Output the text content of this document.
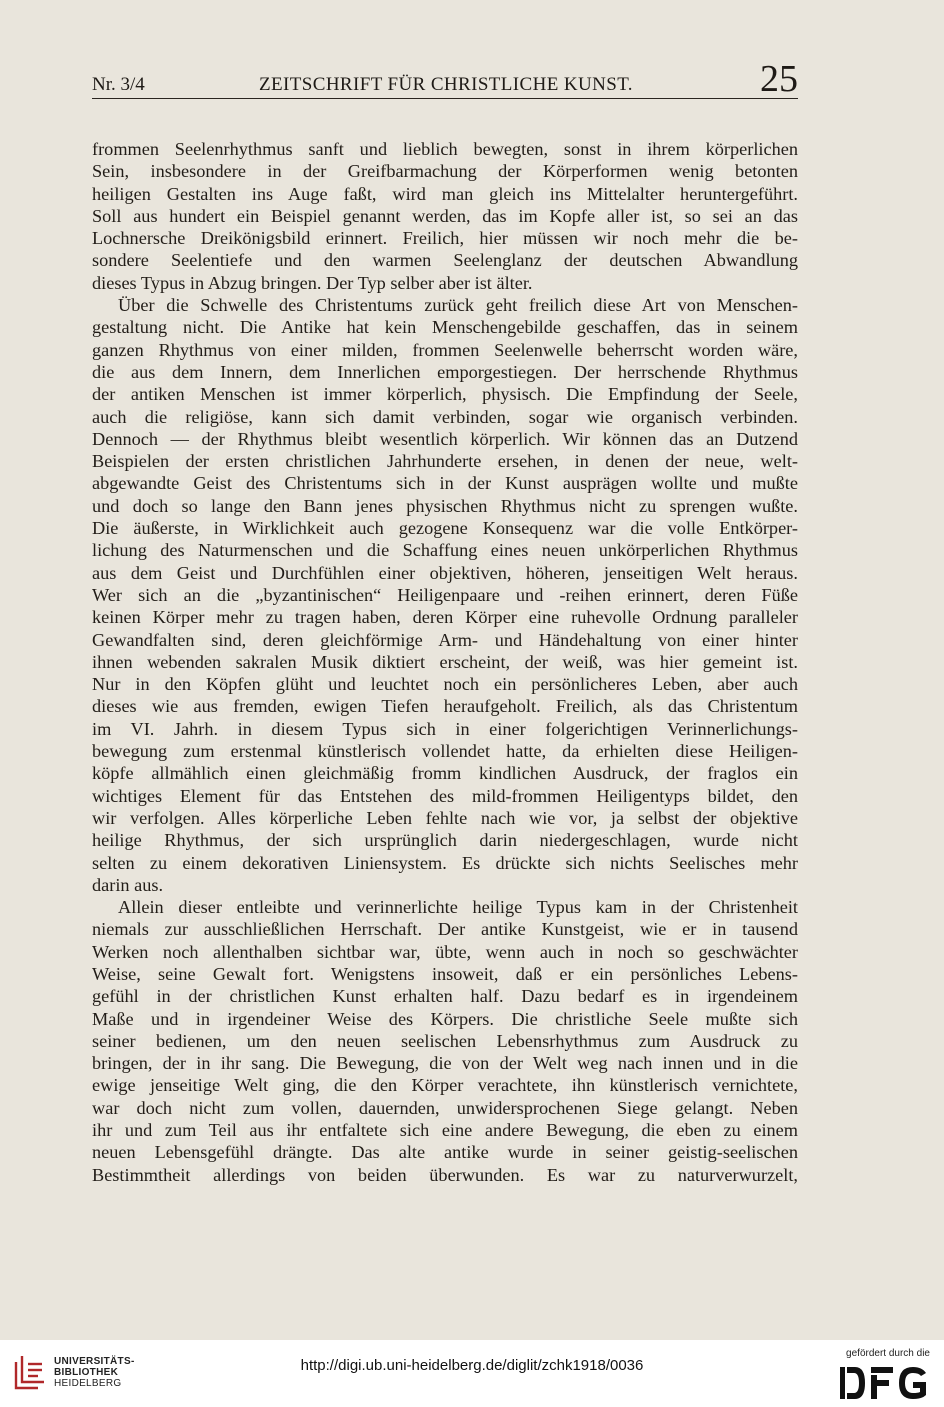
Nr. 3/4	ZEITSCHRIFT FÜR CHRISTLICHE KUNST.	25
frommen Seelenrhythmus sanft und lieblich bewegten, sonst in ihrem körperlichen
Sein, insbesondere in der Greifbarmachung der Körperformen wenig betonten
heiligen Gestalten ins Auge faßt, wird man gleich ins Mittelalter heruntergeführt.
Soll aus hundert ein Beispiel genannt werden, das im Kopfe aller ist, so sei an das
Lochnersche Dreikönigsbild erinnert. Freilich, hier müssen wir noch mehr die be-
sondere Seelentiefe und den warmen Seelenglanz der deutschen Abwandlung
dieses Typus in Abzug bringen. Der Typ selber aber ist älter.
Über die Schwelle des Christentums zurück geht freilich diese Art von Menschen-
gestaltung nicht. Die Antike hat kein Menschengebilde geschaffen, das in seinem
ganzen Rhythmus von einer milden, frommen Seelenwelle beherrscht worden wäre,
die aus dem Innern, dem Innerlichen emporgestiegen. Der herrschende Rhythmus
der antiken Menschen ist immer körperlich, physisch. Die Empfindung der Seele,
auch die religiöse, kann sich damit verbinden, sogar wie organisch verbinden.
Dennoch — der Rhythmus bleibt wesentlich körperlich. Wir können das an Dutzend
Beispielen der ersten christlichen Jahrhunderte ersehen, in denen der neue, welt-
abgewandte Geist des Christentums sich in der Kunst ausprägen wollte und mußte
und doch so lange den Bann jenes physischen Rhythmus nicht zu sprengen wußte.
Die äußerste, in Wirklichkeit auch gezogene Konsequenz war die volle Entkörper-
lichung des Naturmenschen und die Schaffung eines neuen unkörperlichen Rhythmus
aus dem Geist und Durchfühlen einer objektiven, höheren, jenseitigen Welt heraus.
Wer sich an die „byzantinischen“ Heiligenpaare und -reihen erinnert, deren Füße
keinen Körper mehr zu tragen haben, deren Körper eine ruhevolle Ordnung paralleler
Gewandfalten sind, deren gleichförmige Arm- und Händehaltung von einer hinter
ihnen webenden sakralen Musik diktiert erscheint, der weiß, was hier gemeint ist.
Nur in den Köpfen glüht und leuchtet noch ein persönlicheres Leben, aber auch
dieses wie aus fremden, ewigen Tiefen heraufgeholt. Freilich, als das Christentum
im VI. Jahrh. in diesem Typus sich in einer folgerichtigen Verinnerlichungs-
bewegung zum erstenmal künstlerisch vollendet hatte, da erhielten diese Heiligen-
köpfe allmählich einen gleichmäßig fromm kindlichen Ausdruck, der fraglos ein
wichtiges Element für das Entstehen des mild-frommen Heiligentyps bildet, den
wir verfolgen. Alles körperliche Leben fehlte nach wie vor, ja selbst der objektive
heilige Rhythmus, der sich ursprünglich darin niedergeschlagen, wurde nicht
selten zu einem dekorativen Liniensystem. Es drückte sich nichts Seelisches mehr
darin aus.
Allein dieser entleibte und verinnerlichte heilige Typus kam in der Christenheit
niemals zur ausschließlichen Herrschaft. Der antike Kunstgeist, wie er in tausend
Werken noch allenthalben sichtbar war, übte, wenn auch in noch so geschwächter
Weise, seine Gewalt fort. Wenigstens insoweit, daß er ein persönliches Lebens-
gefühl in der christlichen Kunst erhalten half. Dazu bedarf es in irgendeinem
Maße und in irgendeiner Weise des Körpers. Die christliche Seele mußte sich
seiner bedienen, um den neuen seelischen Lebensrhythmus zum Ausdruck zu
bringen, der in ihr sang. Die Bewegung, die von der Welt weg nach innen und in die
ewige jenseitige Welt ging, die den Körper verachtete, ihn künstlerisch vernichtete,
war doch nicht zum vollen, dauernden, unwidersprochenen Siege gelangt. Neben
ihr und zum Teil aus ihr entfaltete sich eine andere Bewegung, die eben zu einem
neuen Lebensgefühl drängte. Das alte antike wurde in seiner geistig-seelischen
Bestimmtheit allerdings von beiden überwunden. Es war zu naturverwurzelt,
UNIVERSITÄTS-
BIBLIOTHEK
HEIDELBERG
http://digi.ub.uni-heidelberg.de/diglit/zchk1918/0036
gefördert durch die
